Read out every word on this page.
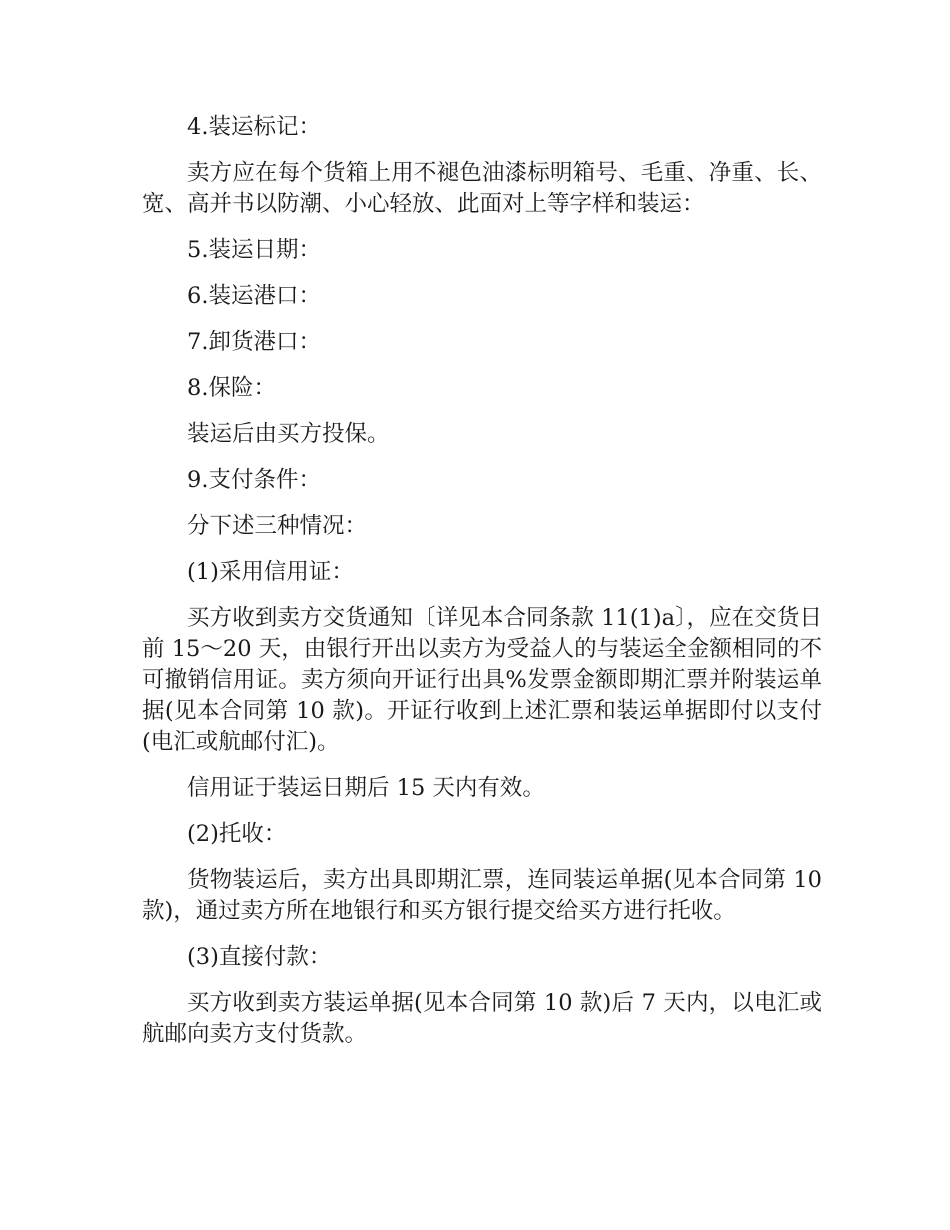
4.装运标记：

卖方应在每个货箱上用不褪色油漆标明箱号、毛重、净重、长、宽、高并书以防潮、小心轻放、此面对上等字样和装运：

5.装运日期：

6.装运港口：

7.卸货港口：

8.保险：

装运后由买方投保。

9.支付条件：

分下述三种情况：

(1)采用信用证：

买方收到卖方交货通知〔详见本合同条款 11(1)a〕，应在交货日前 15～20 天，由银行开出以卖方为受益人的与装运全金额相同的不可撤销信用证。卖方须向开证行出具%发票金额即期汇票并附装运单据(见本合同第 10 款)。开证行收到上述汇票和装运单据即付以支付(电汇或航邮付汇)。

信用证于装运日期后 15 天内有效。

(2)托收：

货物装运后，卖方出具即期汇票，连同装运单据(见本合同第 10 款)，通过卖方所在地银行和买方银行提交给买方进行托收。

(3)直接付款：

买方收到卖方装运单据(见本合同第 10 款)后 7 天内，以电汇或航邮向卖方支付货款。
